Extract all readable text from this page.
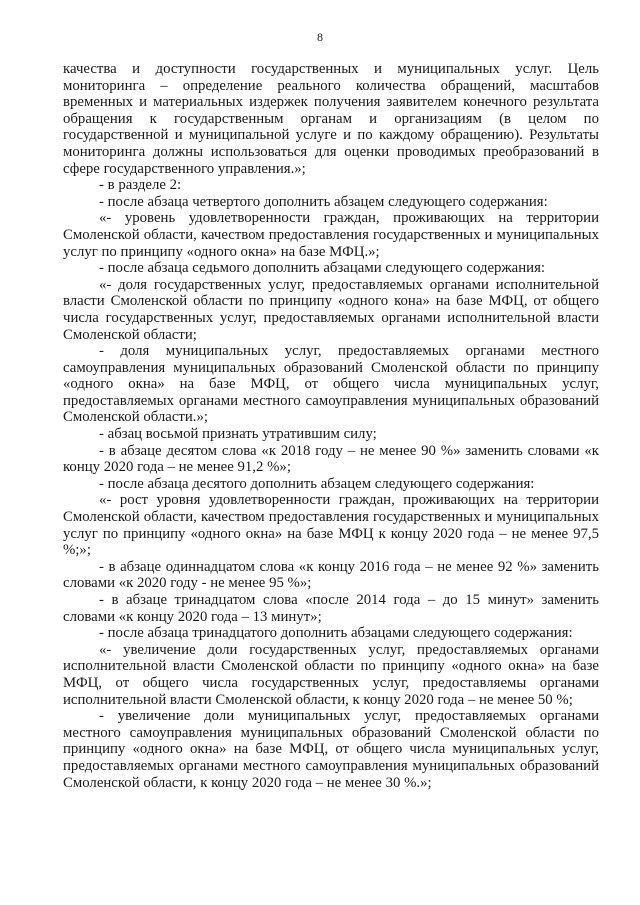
8

качества и доступности государственных и муниципальных услуг. Цель мониторинга – определение реального количества обращений, масштабов временных и материальных издержек получения заявителем конечного результата обращения к государственным органам и организациям (в целом по государственной и муниципальной услуге и по каждому обращению). Результаты мониторинга должны использоваться для оценки проводимых преобразований в сфере государственного управления.»;

- в разделе 2:

- после абзаца четвертого дополнить абзацем следующего содержания:

«- уровень удовлетворенности граждан, проживающих на территории Смоленской области, качеством предоставления государственных и муниципальных услуг по принципу «одного окна» на базе МФЦ.»;

- после абзаца седьмого дополнить абзацами следующего содержания:

«- доля государственных услуг, предоставляемых органами исполнительной власти Смоленской области по принципу «одного кона» на базе МФЦ, от общего числа государственных услуг, предоставляемых органами исполнительной власти Смоленской области;

- доля муниципальных услуг, предоставляемых органами местного самоуправления муниципальных образований Смоленской области по принципу «одного окна» на базе МФЦ, от общего числа муниципальных услуг, предоставляемых органами местного самоуправления муниципальных образований Смоленской области.»;

- абзац восьмой признать утратившим силу;

- в абзаце десятом слова «к 2018 году – не менее 90 %» заменить словами «к концу 2020 года – не менее 91,2 %»;

- после абзаца десятого дополнить абзацем следующего содержания:

«- рост уровня удовлетворенности граждан, проживающих на территории Смоленской области, качеством предоставления государственных и муниципальных услуг по принципу «одного окна» на базе МФЦ к концу 2020 года – не менее 97,5 %;»;

- в абзаце одиннадцатом слова «к концу 2016 года – не менее 92 %» заменить словами «к 2020 году - не менее 95 %»;

- в абзаце тринадцатом слова «после 2014 года – до 15 минут» заменить словами «к концу 2020 года – 13 минут»;

- после абзаца тринадцатого дополнить абзацами следующего содержания:

«- увеличение доли государственных услуг, предоставляемых органами исполнительной власти Смоленской области по принципу «одного окна» на базе МФЦ, от общего числа государственных услуг, предоставляемы органами исполнительной власти Смоленской области, к концу 2020 года – не менее 50 %;

- увеличение доли муниципальных услуг, предоставляемых органами местного самоуправления муниципальных образований Смоленской области по принципу «одного окна» на базе МФЦ, от общего числа муниципальных услуг, предоставляемых органами местного самоуправления муниципальных образований Смоленской области, к концу 2020 года – не менее 30 %.»;
